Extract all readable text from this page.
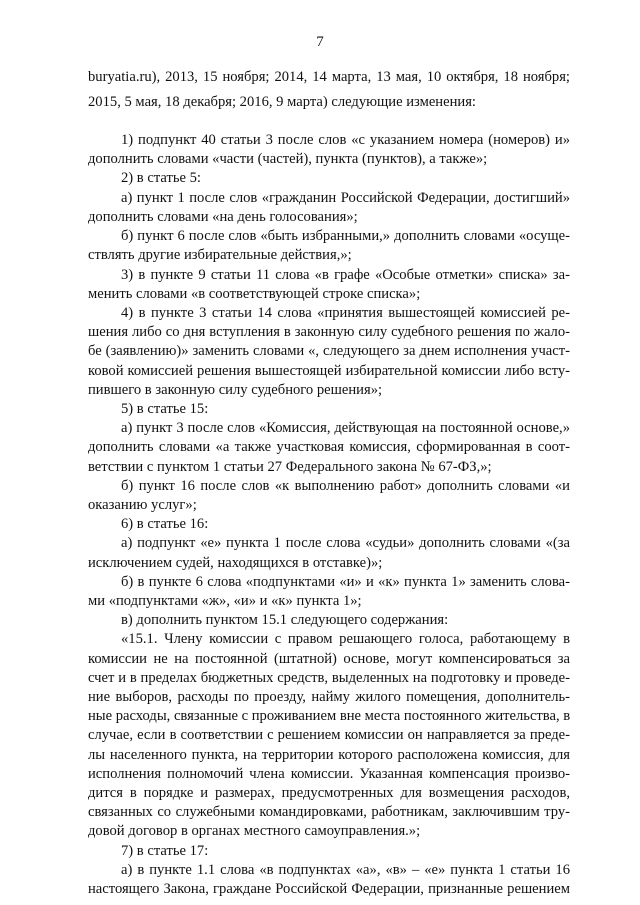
7
buryatia.ru), 2013, 15 ноября; 2014, 14 марта, 13 мая, 10 октября, 18 ноября;
2015, 5 мая, 18 декабря; 2016, 9 марта) следующие изменения:
1) подпункт 40 статьи 3 после слов «с указанием номера (номеров) и»
дополнить словами «части (частей), пункта (пунктов), а также»;
2) в статье 5:
а) пункт 1 после слов «гражданин Российской Федерации, достигший»
дополнить словами «на день голосования»;
б) пункт 6 после слов «быть избранными,» дополнить словами «осуще-
ствлять другие избирательные действия,»;
3) в пункте 9 статьи 11 слова «в графе «Особые отметки» списка» за-
менить словами «в соответствующей строке списка»;
4) в пункте 3 статьи 14 слова «принятия вышестоящей комиссией ре-
шения либо со дня вступления в законную силу судебного решения по жало-
бе (заявлению)» заменить словами «, следующего за днем исполнения участ-
ковой комиссией решения вышестоящей избирательной комиссии либо всту-
пившего в законную силу судебного решения»;
5) в статье 15:
а) пункт 3 после слов «Комиссия, действующая на постоянной основе,»
дополнить словами «а также участковая комиссия, сформированная в соот-
ветствии с пунктом 1 статьи 27 Федерального закона № 67-ФЗ,»;
б) пункт 16 после слов «к выполнению работ» дополнить словами «и
оказанию услуг»;
6) в статье 16:
а) подпункт «е» пункта 1 после слова «судьи» дополнить словами «(за
исключением судей, находящихся в отставке)»;
б) в пункте 6 слова «подпунктами «и» и «к» пункта 1» заменить слова-
ми «подпунктами «ж», «и» и «к» пункта 1»;
в) дополнить пунктом 15.1 следующего содержания:
«15.1. Члену комиссии с правом решающего голоса, работающему в
комиссии не на постоянной (штатной) основе, могут компенсироваться за
счет и в пределах бюджетных средств, выделенных на подготовку и проведе-
ние выборов, расходы по проезду, найму жилого помещения, дополнитель-
ные расходы, связанные с проживанием вне места постоянного жительства, в
случае, если в соответствии с решением комиссии он направляется за преде-
лы населенного пункта, на территории которого расположена комиссия, для
исполнения полномочий члена комиссии. Указанная компенсация произво-
дится в порядке и размерах, предусмотренных для возмещения расходов,
связанных со служебными командировками, работникам, заключившим тру-
довой договор в органах местного самоуправления.»;
7) в статье 17:
а) в пункте 1.1 слова «в подпунктах «а», «в» – «е» пункта 1 статьи 16
настоящего Закона, граждане Российской Федерации, признанные решением
